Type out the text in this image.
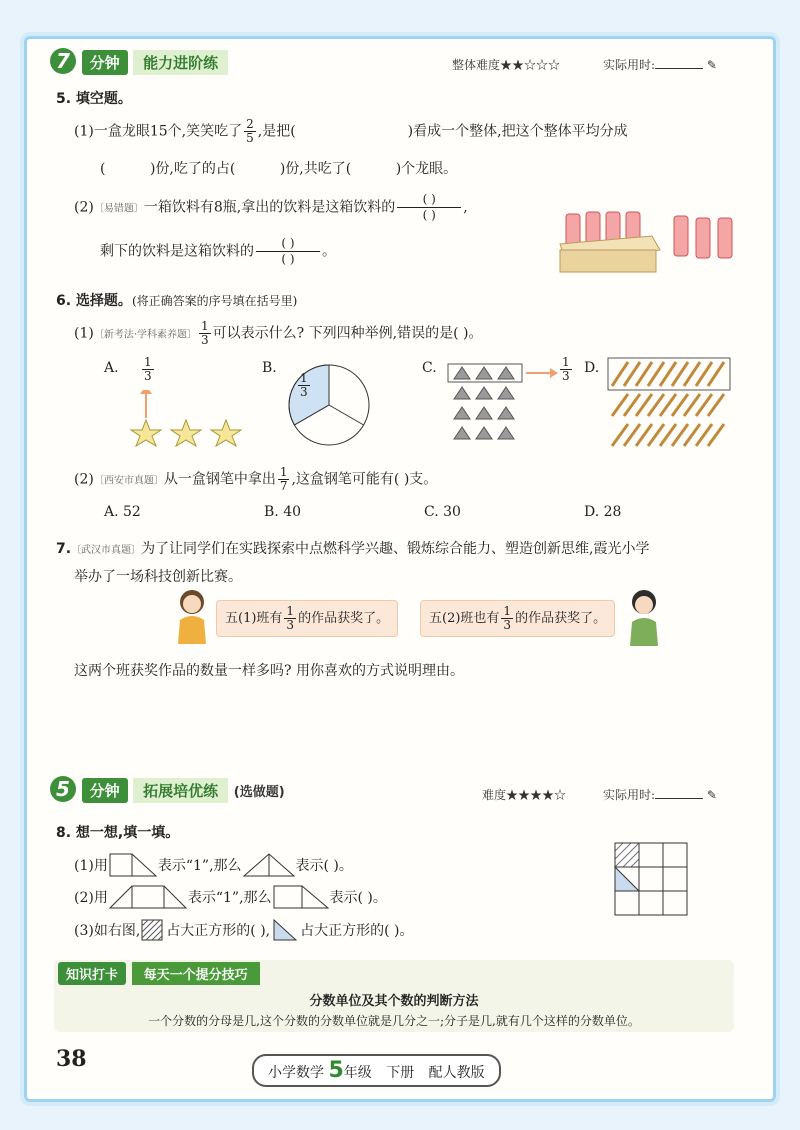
7 分钟 能力进阶练	整体难度★★☆☆☆	实际用时:	✎
5. 填空题。
(1)一盒龙眼15个,笑笑吃了 $\frac{2}{5}$ ,是把(	)看成一个整体,把这个整体平均分成
(          )份,吃了的占(          )份,共吃了(          )个龙眼。
(2)〔易错题〕一箱饮料有8瓶,拿出的饮料是这箱饮料的
( )
( )	,
剩下的饮料是这箱饮料的
( )
( )	。
6. 选择题。(将正确答案的序号填在括号里)
(1)〔新考法·学科素养题〕 $\frac{1}{3}$ 可以表示什么? 下列四种举例,错误的是( )。
A. $\frac{1}{3}$	B.
$\frac{1}{3}$
C.	$\frac{1}{3} D$.
(2)〔西安市真题〕从一盒钢笔中拿出 $\frac{1}{7}$ ,这盒钢笔可能有( )支。
A. 52	B. 40	C. 30	D. 28
7.〔武汉市真题〕为了让同学们在实践探索中点燃科学兴趣、锻炼综合能力、塑造创新思维,霞光小学
举办了一场科技创新比赛。
五(1)班有 $\frac{1}{3}$ 的作品获奖了。	五(2)班也有 $\frac{1}{3}$ 的作品获奖了。
这两个班获奖作品的数量一样多吗? 用你喜欢的方式说明理由。
5 分钟 拓展培优练 (选做题)	难度★★★★☆	实际用时:	✎
8. 想一想,填一填。
(1)用	表示“1”,那么	表示( )。
(2)用	表示“1”,那么	表示( )。
(3)如右图, 占大正方形的( ), 占大正方形的( )。
知识打卡 每天一个提分技巧
分数单位及其个数的判断方法
一个分数的分母是几,这个分数的分数单位就是几分之一;分子是几,就有几个这样的分数单位。
38
小学数学 5年级 下册 配人教版
